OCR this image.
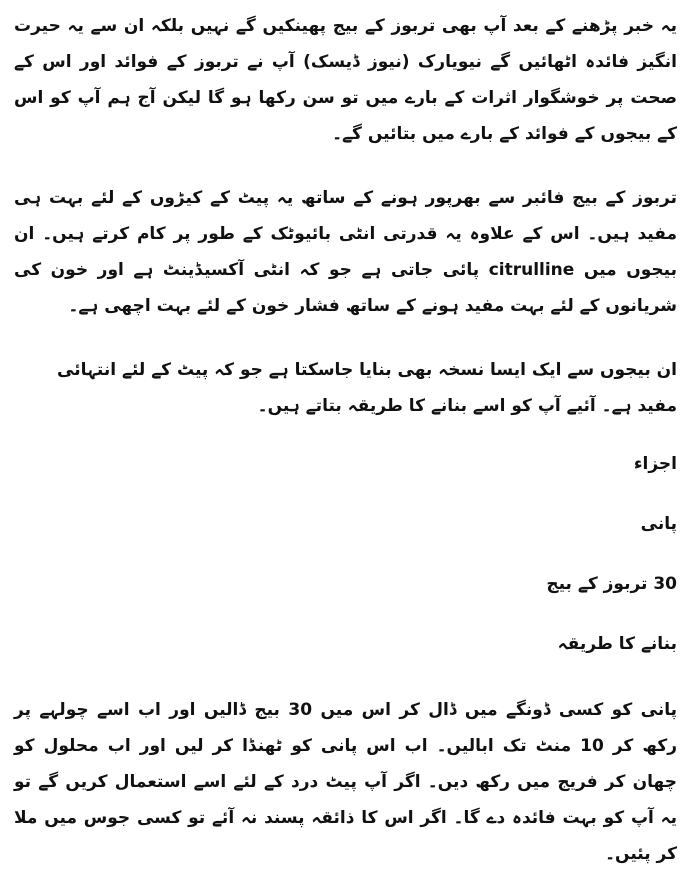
یہ خبر پڑھنے کے بعد آپ بھی تربوز کے بیج پھینکیں گے نہیں بلکہ ان سے یہ حیرت انگیز فائدہ اٹھائیں گے نیویارک (نیوز ڈیسک) آپ نے تربوز کے فوائد اور اس کے صحت پر خوشگوار اثرات کے بارے میں تو سن رکھا ہو گا لیکن آج ہم آپ کو اس کے بیجوں کے فوائد کے بارے میں بتائیں گے۔

تربوز کے بیج فائبر سے بھرپور ہونے کے ساتھ یہ پیٹ کے کیڑوں کے لئے بہت ہی مفید ہیں۔ اس کے علاوہ یہ قدرتی انٹی بائیوٹک کے طور پر کام کرتے ہیں۔ ان بیجوں میں citrulline پائی جاتی ہے جو کہ انٹی آکسیڈینٹ ہے اور خون کی شریانوں کے لئے بہت مفید ہونے کے ساتھ فشار خون کے لئے بہت اچھی ہے۔

ان بیجوں سے ایک ایسا نسخہ بھی بنایا جاسکتا ہے جو کہ پیٹ کے لئے انتہائی مفید ہے۔ آئیے آپ کو اسے بنانے کا طریقہ بتاتے ہیں۔

اجزاء

پانی

30 تربوز کے بیج

بنانے کا طریقہ

پانی کو کسی ڈونگے میں ڈال کر اس میں 30 بیج ڈالیں اور اب اسے چولہے پر رکھ کر 10 منٹ تک ابالیں۔ اب اس پانی کو ٹھنڈا کر لیں اور اب محلول کو چھان کر فریج میں رکھ دیں۔ اگر آپ پیٹ درد کے لئے اسے استعمال کریں گے تو یہ آپ کو بہت فائدہ دے گا۔ اگر اس کا ذائقہ پسند نہ آئے تو کسی جوس میں ملا کر پئیں۔
